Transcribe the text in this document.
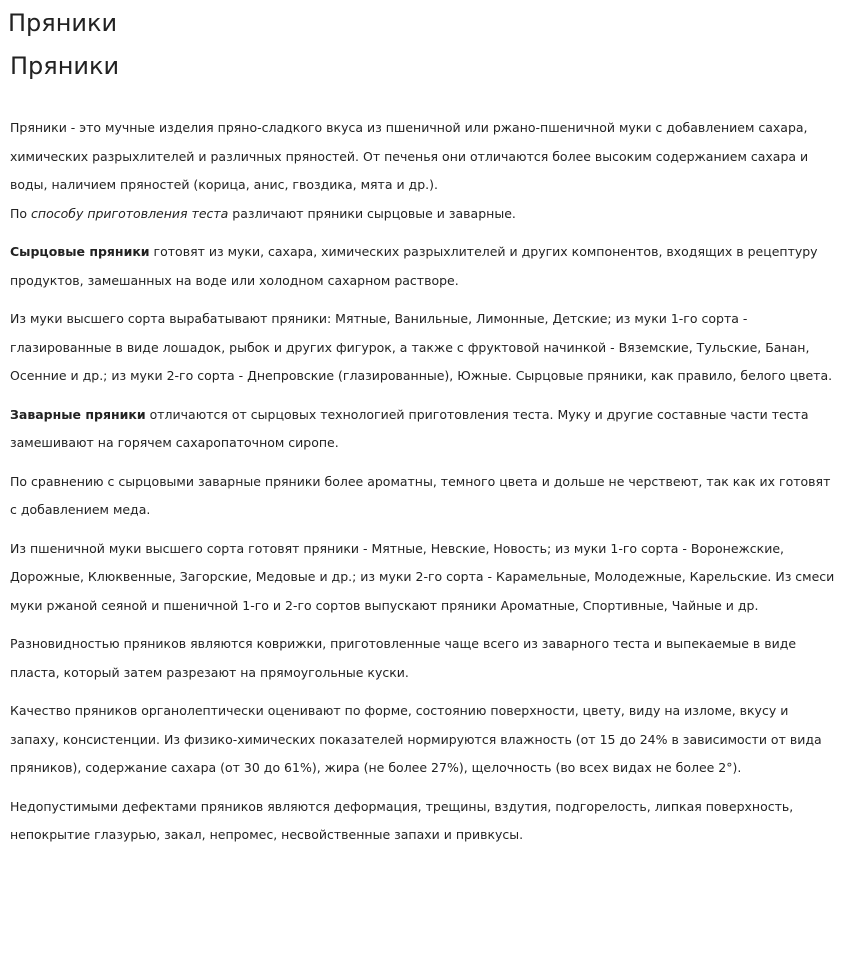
Пряники
Пряники

Пряники - это мучные изделия пряно-сладкого вкуса из пшеничной или ржано-пшеничной муки с добавлением сахара, химических разрыхлителей и различных пряностей. От печенья они отличаются более высоким содержанием сахара и воды, наличием пряностей (корица, анис, гвоздика, мята и др.).

По способу приготовления теста различают пряники сырцовые и заварные.

Сырцовые пряники готовят из муки, сахара, химических разрыхлителей и других компонентов, входящих в рецептуру продуктов, замешанных на воде или холодном сахарном растворе.

Из муки высшего сорта вырабатывают пряники: Мятные, Ванильные, Лимонные, Детские; из муки 1-го сорта - глазированные в виде лошадок, рыбок и других фигурок, а также с фруктовой начинкой - Вяземские, Тульские, Банан, Осенние и др.; из муки 2-го сорта - Днепровские (глазированные), Южные. Сырцовые пряники, как правило, белого цвета.

Заварные пряники отличаются от сырцовых технологией приготовления теста. Муку и другие составные части теста замешивают на горячем сахаропаточном сиропе.

По сравнению с сырцовыми заварные пряники более ароматны, темного цвета и дольше не черствеют, так как их готовят с добавлением меда.

Из пшеничной муки высшего сорта готовят пряники - Мятные, Невские, Новость; из муки 1-го сорта - Воронежские, Дорожные, Клюквенные, Загорские, Медовые и др.; из муки 2-го сорта - Карамельные, Молодежные, Карельские. Из смеси муки ржаной сеяной и пшеничной 1-го и 2-го сортов выпускают пряники Ароматные, Спортивные, Чайные и др.

Разновидностью пряников являются коврижки, приготовленные чаще всего из заварного теста и выпекаемые в виде пласта, который затем разрезают на прямоугольные куски.

Качество пряников органолептически оценивают по форме, состоянию поверхности, цвету, виду на изломе, вкусу и запаху, консистенции. Из физико-химических показателей нормируются влажность (от 15 до 24% в зависимости от вида пряников), содержание сахара (от 30 до 61%), жира (не более 27%), щелочность (во всех видах не более 2°).

Недопустимыми дефектами пряников являются деформация, трещины, вздутия, подгорелость, липкая поверхность, непокрытие глазурью, закал, непромес, несвойственные запахи и привкусы.
